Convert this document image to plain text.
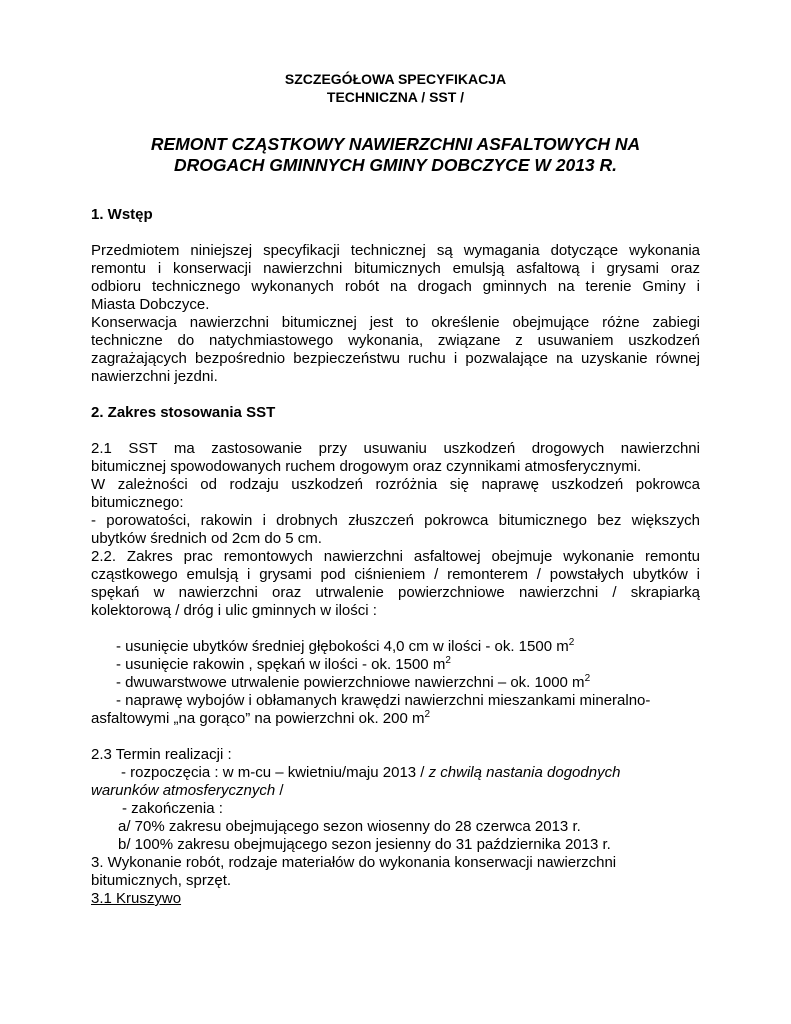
SZCZEGÓŁOWA SPECYFIKACJA

TECHNICZNA / SST /

REMONT CZĄSTKOWY NAWIERZCHNI ASFALTOWYCH NA

DROGACH GMINNYCH GMINY DOBCZYCE W 2013 R.

1. Wstęp

Przedmiotem niniejszej specyfikacji technicznej są wymagania dotyczące wykonania

remontu i konserwacji nawierzchni bitumicznych emulsją asfaltową i grysami oraz

odbioru technicznego wykonanych robót na drogach gminnych na terenie Gminy i

Miasta Dobczyce.

Konserwacja nawierzchni bitumicznej jest to określenie obejmujące różne zabiegi

techniczne do natychmiastowego wykonania, związane z usuwaniem uszkodzeń

zagrażających bezpośrednio bezpieczeństwu ruchu i pozwalające na uzyskanie równej

nawierzchni jezdni.

2. Zakres stosowania SST

2.1 SST ma zastosowanie przy usuwaniu uszkodzeń drogowych nawierzchni

bitumicznej spowodowanych ruchem drogowym oraz czynnikami atmosferycznymi.

W zależności od rodzaju uszkodzeń rozróżnia się naprawę uszkodzeń pokrowca

bitumicznego:

- porowatości, rakowin i drobnych złuszczeń pokrowca bitumicznego bez większych

ubytków średnich od 2cm do 5 cm.

2.2. Zakres prac remontowych nawierzchni asfaltowej obejmuje wykonanie remontu

cząstkowego emulsją i grysami pod ciśnieniem / remonterem / powstałych ubytków i

spękań w nawierzchni oraz utrwalenie powierzchniowe nawierzchni / skrapiarką

kolektorową / dróg i ulic gminnych w ilości :

- usunięcie ubytków średniej głębokości 4,0 cm w ilości - ok. 1500 $m^2$

- usunięcie rakowin , spękań w ilości - ok. 1500 $m^2$

- dwuwarstwowe utrwalenie powierzchniowe nawierzchni – ok. 1000 $m^2$

- naprawę wybojów i obłamanych krawędzi nawierzchni mieszankami mineralno-

asfaltowymi „na gorąco” na powierzchni ok. 200 $m^2$

2.3 Termin realizacji :

- rozpoczęcia : w m-cu – kwietniu/maju 2013 / z chwilą nastania dogodnych

warunków atmosferycznych /

- zakończenia :

a/ 70% zakresu obejmującego sezon wiosenny do 28 czerwca 2013 r.

b/ 100% zakresu obejmującego sezon jesienny do 31 października 2013 r.

3. Wykonanie robót, rodzaje materiałów do wykonania konserwacji nawierzchni

bitumicznych, sprzęt.

3.1 Kruszywo
